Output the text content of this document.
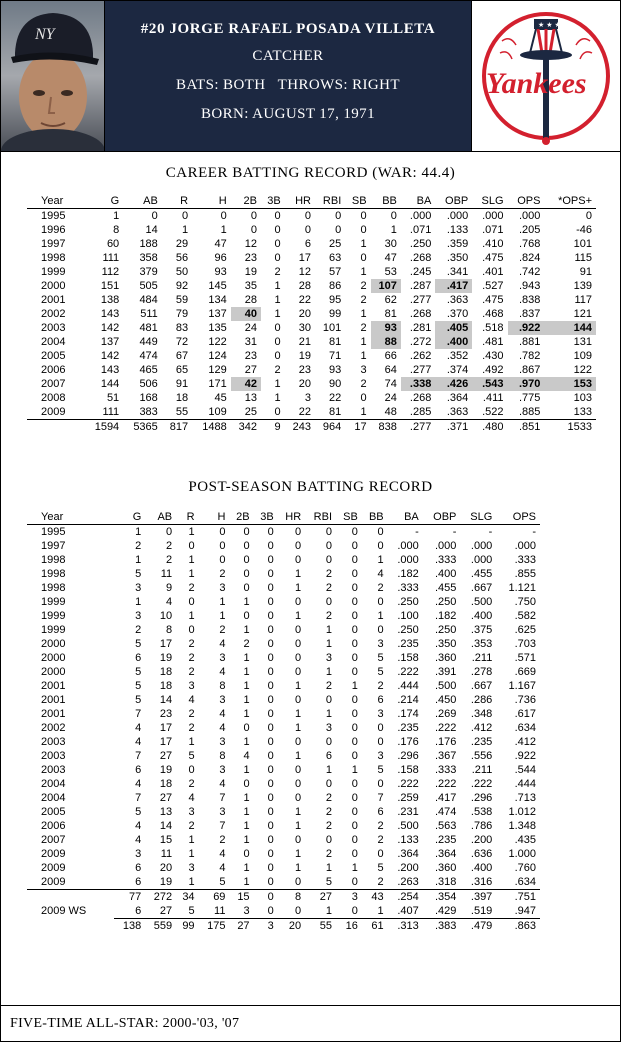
NY	#20 JORGE RAFAEL POSADA VILLETA
CATCHER
BATS: BOTH   THROWS: RIGHT
BORN: AUGUST 17, 1971
★ ★ ★
Yankees
CAREER BATTING RECORD (WAR: 44.4)
Year	G	AB	R	H	2B	3B	HR	RBI	SB	BB	BA	OBP	SLG	OPS	*OPS+
1995	1	0	0	0	0	0	0	0	0	0	.000	.000	.000	.000	0
1996	8	14	1	1	0	0	0	0	0	1	.071	.133	.071	.205	-46
1997	60	188	29	47	12	0	6	25	1	30	.250	.359	.410	.768	101
1998	111	358	56	96	23	0	17	63	0	47	.268	.350	.475	.824	115
1999	112	379	50	93	19	2	12	57	1	53	.245	.341	.401	.742	91
2000	151	505	92	145	35	1	28	86	2	107	.287	.417	.527	.943	139
2001	138	484	59	134	28	1	22	95	2	62	.277	.363	.475	.838	117
2002	143	511	79	137	40	1	20	99	1	81	.268	.370	.468	.837	121
2003	142	481	83	135	24	0	30	101	2	93	.281	.405	.518	.922	144
2004	137	449	72	122	31	0	21	81	1	88	.272	.400	.481	.881	131
2005	142	474	67	124	23	0	19	71	1	66	.262	.352	.430	.782	109
2006	143	465	65	129	27	2	23	93	3	64	.277	.374	.492	.867	122
2007	144	506	91	171	42	1	20	90	2	74	.338	.426	.543	.970	153
2008	51	168	18	45	13	1	3	22	0	24	.268	.364	.411	.775	103
2009	111	383	55	109	25	0	22	81	1	48	.285	.363	.522	.885	133
	1594	5365	817	1488	342	9	243	964	17	838	.277	.371	.480	.851	1533
POST-SEASON BATTING RECORD
Year	G	AB	R	H	2B	3B	HR	RBI	SB	BB	BA	OBP	SLG	OPS
1995	1	0	1	0	0	0	0	0	0	0	-	-	-	-
1997	2	2	0	0	0	0	0	0	0	0	.000	.000	.000	.000
1998	1	2	1	0	0	0	0	0	0	1	.000	.333	.000	.333
1998	5	11	1	2	0	0	1	2	0	4	.182	.400	.455	.855
1998	3	9	2	3	0	0	1	2	0	2	.333	.455	.667	1.121
1999	1	4	0	1	1	0	0	0	0	0	.250	.250	.500	.750
1999	3	10	1	1	0	0	1	2	0	1	.100	.182	.400	.582
1999	2	8	0	2	1	0	0	1	0	0	.250	.250	.375	.625
2000	5	17	2	4	2	0	0	1	0	3	.235	.350	.353	.703
2000	6	19	2	3	1	0	0	3	0	5	.158	.360	.211	.571
2000	5	18	2	4	1	0	0	1	0	5	.222	.391	.278	.669
2001	5	18	3	8	1	0	1	2	1	2	.444	.500	.667	1.167
2001	5	14	4	3	1	0	0	0	0	6	.214	.450	.286	.736
2001	7	23	2	4	1	0	1	1	0	3	.174	.269	.348	.617
2002	4	17	2	4	0	0	1	3	0	0	.235	.222	.412	.634
2003	4	17	1	3	1	0	0	0	0	0	.176	.176	.235	.412
2003	7	27	5	8	4	0	1	6	0	3	.296	.367	.556	.922
2003	6	19	0	3	1	0	0	1	1	5	.158	.333	.211	.544
2004	4	18	2	4	0	0	0	0	0	0	.222	.222	.222	.444
2004	7	27	4	7	1	0	0	2	0	7	.259	.417	.296	.713
2005	5	13	3	3	1	0	1	2	0	6	.231	.474	.538	1.012
2006	4	14	2	7	1	0	1	2	0	2	.500	.563	.786	1.348
2007	4	15	1	2	1	0	0	0	0	2	.133	.235	.200	.435
2009	3	11	1	4	0	0	1	2	0	0	.364	.364	.636	1.000
2009	6	20	3	4	1	0	1	1	1	5	.200	.360	.400	.760
2009	6	19	1	5	1	0	0	5	0	2	.263	.318	.316	.634
	77	272	34	69	15	0	8	27	3	43	.254	.354	.397	.751
2009 WS	6	27	5	11	3	0	0	1	0	1	.407	.429	.519	.947
	138	559	99	175	27	3	20	55	16	61	.313	.383	.479	.863
FIVE-TIME ALL-STAR: 2000-'03, '07
